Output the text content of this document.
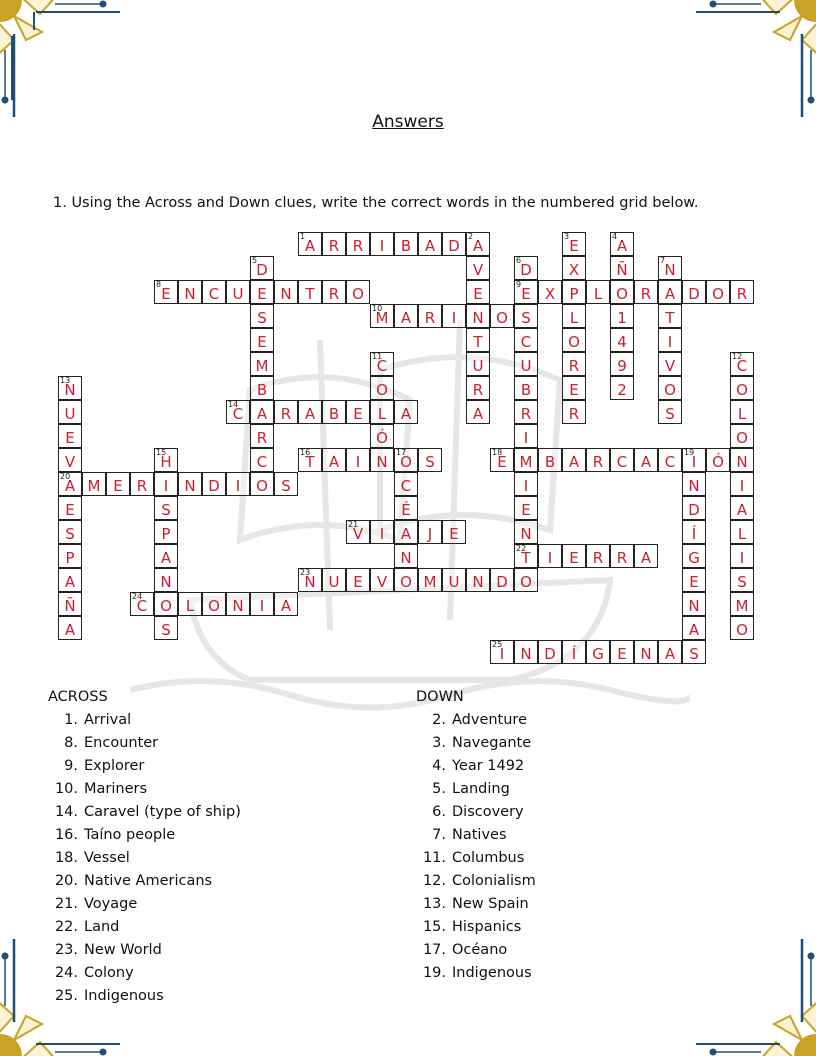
Answers
1. Using the Across and Down clues, write the correct words in the numbered grid below.
1
A R R	I	B A D
2
A
8
E N C U E N T R O
9
E X P	L O R A D O R
10
M A R	I	N O S
14
C A R A B E	L A
16
T A	I	N
17
O S
18
E M B A R C A C
19
I	Ó N
20
A M E R	I	N D	I	O S
21
V	I	A	J	E
22
T	I	E R R A
23
N U E V O M U N D O
24
C O L O N	I	A
25
I	N D	Í	G E N A S
V
E
T
U
R
A
3
E
X
L
O
R
E
R
4
A
Ñ
1
4
9
2
5
D
S
E
M
B
R
C
6
D
C
U
B
R
I
I
E
N
7
N
T
I
V
O
S
11
C
O
Ó
12
C
O
L
O
I
A
L
I
S
M
O
13
N
U
E
V
E
S
P
A
Ñ
A
15
H
S
P
A
N
S
C
É
N
N
D
Í
G
E
N
A
ACROSS
1. Arrival
8. Encounter
9. Explorer
10. Mariners
14. Caravel (type of ship)
16. Taíno people
18. Vessel
20. Native Americans
21. Voyage
22. Land
23. New World
24. Colony
25. Indigenous
DOWN
2. Adventure
3. Navegante
4. Year 1492
5. Landing
6. Discovery
7. Natives
11. Columbus
12. Colonialism
13. New Spain
15. Hispanics
17. Océano
19. Indigenous
